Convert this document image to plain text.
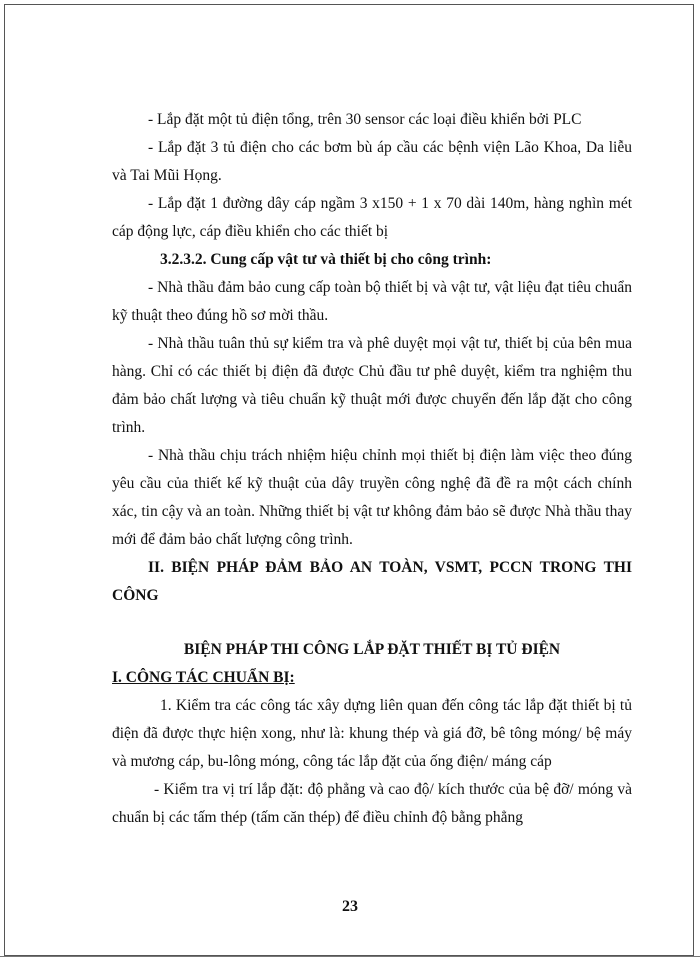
- Lắp đặt một tủ điện tổng, trên 30 sensor các loại điều khiển bởi PLC

- Lắp đặt 3 tủ điện cho các bơm bù áp cầu các bệnh viện Lão Khoa, Da liễu và Tai Mũi Họng.

- Lắp đặt 1 đường dây cáp ngầm 3 x150 + 1 x 70 dài 140m, hàng nghìn mét cáp động lực, cáp điều khiển cho các thiết bị

3.2.3.2. Cung cấp vật tư và thiết bị cho công trình:

- Nhà thầu đảm bảo cung cấp toàn bộ thiết bị và vật tư, vật liệu đạt tiêu chuẩn kỹ thuật theo đúng hồ sơ mời thầu.

- Nhà thầu tuân thủ sự kiểm tra và phê duyệt mọi vật tư, thiết bị của bên mua hàng. Chỉ có các thiết bị điện đã được Chủ đầu tư phê duyệt, kiểm tra nghiệm thu đảm bảo chất lượng và tiêu chuẩn kỹ thuật mới được chuyển đến lắp đặt cho công trình.

- Nhà thầu chịu trách nhiệm hiệu chỉnh mọi thiết bị điện làm việc theo đúng yêu cầu của thiết kế kỹ thuật của dây truyền công nghệ đã đề ra một cách chính xác, tin cậy và an toàn. Những thiết bị vật tư không đảm bảo sẽ được Nhà thầu thay mới để đảm bảo chất lượng công trình.

II. BIỆN PHÁP ĐẢM BẢO AN TOÀN, VSMT, PCCN TRONG THI CÔNG

BIỆN PHÁP THI CÔNG LẮP ĐẶT THIẾT BỊ TỦ ĐIỆN

I. CÔNG TÁC CHUẨN BỊ:

1. Kiểm tra các công tác xây dựng liên quan đến công tác lắp đặt thiết bị tủ điện đã được thực hiện xong, như là: khung thép và giá đỡ, bê tông móng/ bệ máy và mương cáp, bu-lông móng, công tác lắp đặt của ống điện/ máng cáp

- Kiểm tra vị trí lắp đặt: độ phẳng và cao độ/ kích thước của bệ đỡ/ móng và chuẩn bị các tấm thép (tấm căn thép) để điều chỉnh độ bằng phẳng

23
